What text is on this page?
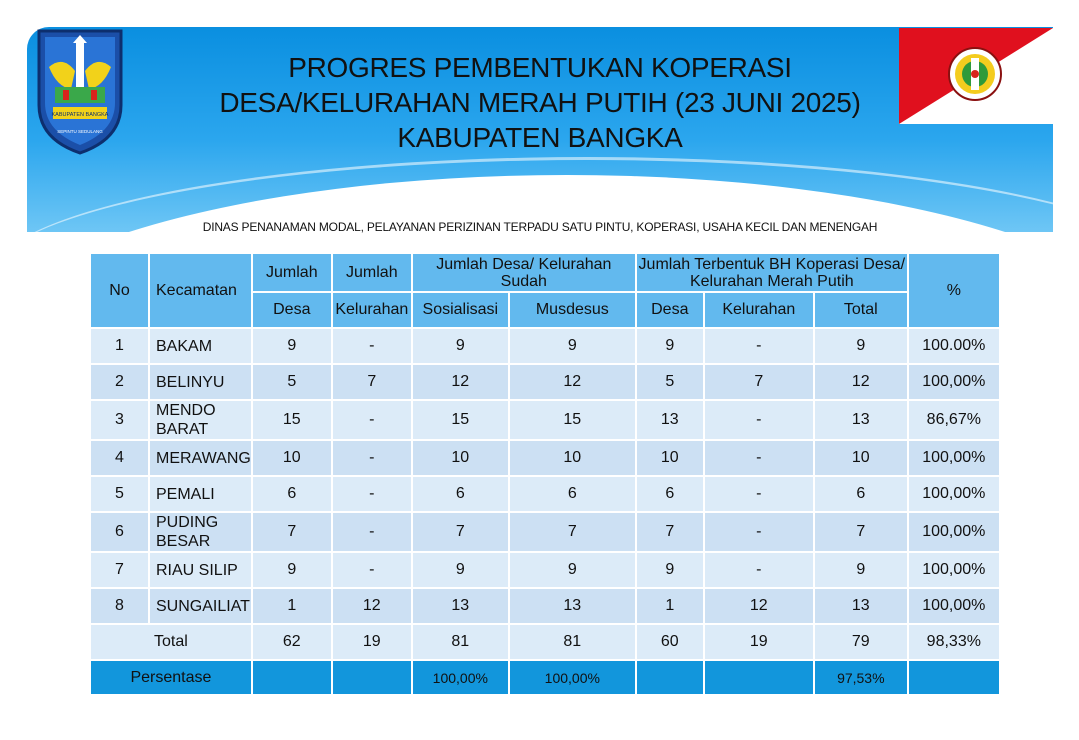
KABUPATEN BANGKA
SEPINTU SEDULANG
PROGRES PEMBENTUKAN KOPERASI
DESA/KELURAHAN MERAH PUTIH (23 JUNI 2025)
KABUPATEN BANGKA
DINAS PENANAMAN MODAL, PELAYANAN PERIZINAN TERPADU SATU PINTU, KOPERASI, USAHA KECIL DAN MENENGAH
No	Kecamatan	Jumlah	Jumlah	Jumlah Desa/ Kelurahan Sudah		Jumlah Terbentuk BH Koperasi Desa/ Kelurahan Merah Putih			%
		Desa	Kelurahan	Sosialisasi	Musdesus	Desa	Kelurahan	Total	
1	BAKAM	9	-	9	9	9	-	9	100.00%
2	BELINYU	5	7	12	12	5	7	12	100,00%
3	MENDO BARAT	15	-	15	15	13	-	13	86,67%
4	MERAWANG	10	-	10	10	10	-	10	100,00%
5	PEMALI	6	-	6	6	6	-	6	100,00%
6	PUDING BESAR	7	-	7	7	7	-	7	100,00%
7	RIAU SILIP	9	-	9	9	9	-	9	100,00%
8	SUNGAILIAT	1	12	13	13	1	12	13	100,00%
Total		62	19	81	81	60	19	79	98,33%
Persentase				100,00%	100,00%			97,53%	
